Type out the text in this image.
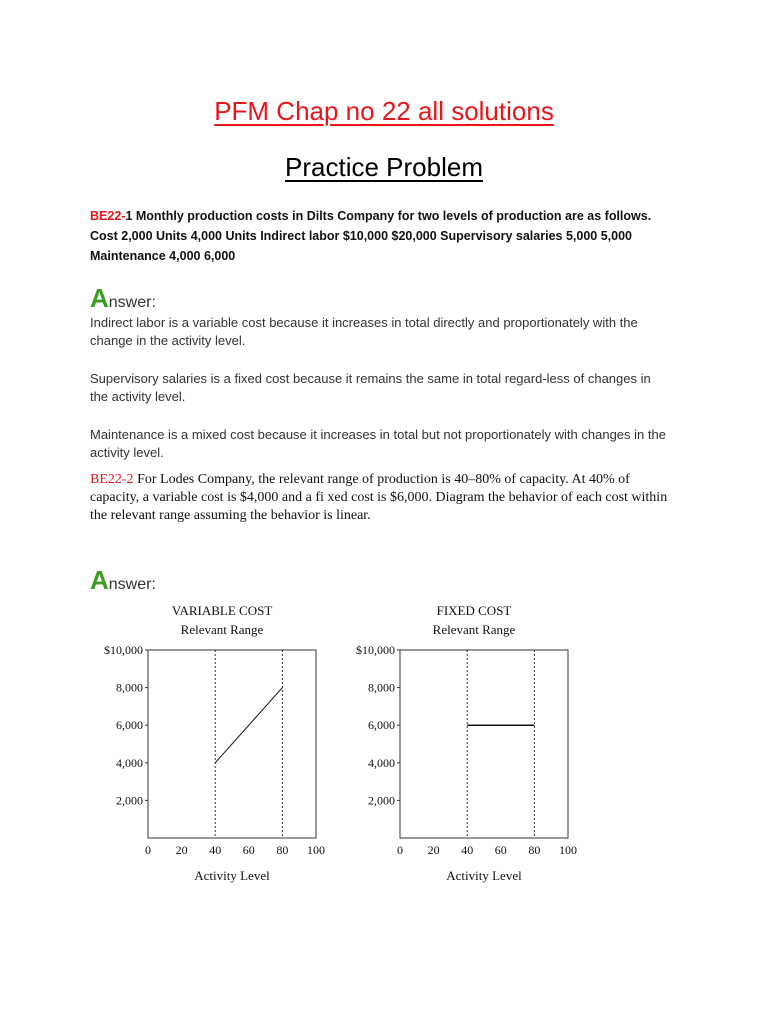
PFM Chap no 22 all solutions
Practice Problem
BE22-1 Monthly production costs in Dilts Company for two levels of production are as follows. Cost 2,000 Units 4,000 Units Indirect labor $10,000 $20,000 Supervisory salaries 5,000 5,000 Maintenance 4,000 6,000
Answer:
Indirect labor is a variable cost because it increases in total directly and proportionately with the change in the activity level.
Supervisory salaries is a fixed cost because it remains the same in total regard-less of changes in the activity level.
Maintenance is a mixed cost because it increases in total but not proportionately with changes in the activity level.
BE22-2 For Lodes Company, the relevant range of production is 40–80% of capacity. At 40% of capacity, a variable cost is $4,000 and a fi xed cost is $6,000. Diagram the behavior of each cost within the relevant range assuming the behavior is linear.
Answer:
VARIABLE COST
Relevant Range
2,000
4,000
6,000
8,000
$10,000
0 20 40 60 80 100
Activity Level
FIXED COST
Relevant Range
2,000
4,000
6,000
8,000
$10,000
0 20 40 60 80 100
Activity Level
